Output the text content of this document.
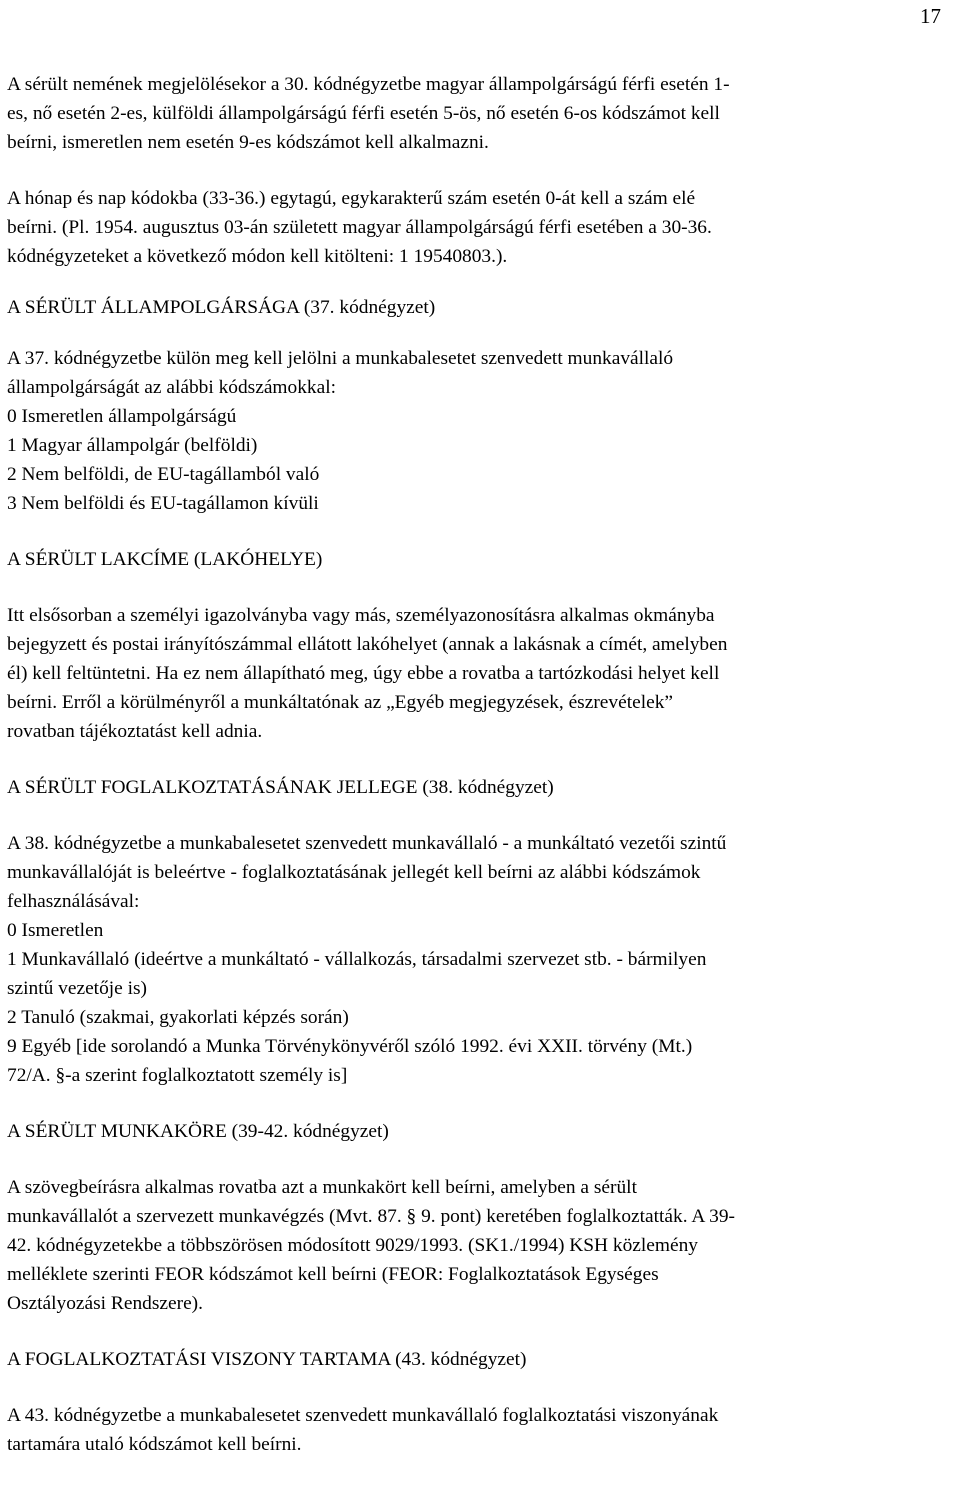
17

A sérült nemének megjelölésekor a 30. kódnégyzetbe magyar állampolgárságú férfi esetén 1-
es, nő esetén 2-es, külföldi állampolgárságú férfi esetén 5-ös, nő esetén 6-os kódszámot kell
beírni, ismeretlen nem esetén 9-es kódszámot kell alkalmazni.

A hónap és nap kódokba (33-36.) egytagú, egykarakterű szám esetén 0-át kell a szám elé
beírni. (Pl. 1954. augusztus 03-án született magyar állampolgárságú férfi esetében a 30-36.
kódnégyzeteket a következő módon kell kitölteni: 1 19540803.).

A SÉRÜLT ÁLLAMPOLGÁRSÁGA (37. kódnégyzet)

A 37. kódnégyzetbe külön meg kell jelölni a munkabalesetet szenvedett munkavállaló
állampolgárságát az alábbi kódszámokkal:
0 Ismeretlen állampolgárságú
1 Magyar állampolgár (belföldi)
2 Nem belföldi, de EU-tagállamból való
3 Nem belföldi és EU-tagállamon kívüli

A SÉRÜLT LAKCÍME (LAKÓHELYE)

Itt elsősorban a személyi igazolványba vagy más, személyazonosításra alkalmas okmányba
bejegyzett és postai irányítószámmal ellátott lakóhelyet (annak a lakásnak a címét, amelyben
él) kell feltüntetni. Ha ez nem állapítható meg, úgy ebbe a rovatba a tartózkodási helyet kell
beírni. Erről a körülményről a munkáltatónak az „Egyéb megjegyzések, észrevételek”
rovatban tájékoztatást kell adnia.

A SÉRÜLT FOGLALKOZTATÁSÁNAK JELLEGE (38. kódnégyzet)

A 38. kódnégyzetbe a munkabalesetet szenvedett munkavállaló - a munkáltató vezetői szintű
munkavállalóját is beleértve - foglalkoztatásának jellegét kell beírni az alábbi kódszámok
felhasználásával:
0 Ismeretlen
1 Munkavállaló (ideértve a munkáltató - vállalkozás, társadalmi szervezet stb. - bármilyen
szintű vezetője is)
2 Tanuló (szakmai, gyakorlati képzés során)
9 Egyéb [ide sorolandó a Munka Törvénykönyvéről szóló 1992. évi XXII. törvény (Mt.)
72/A. §-a szerint foglalkoztatott személy is]

A SÉRÜLT MUNKAKÖRE (39-42. kódnégyzet)

A szövegbeírásra alkalmas rovatba azt a munkakört kell beírni, amelyben a sérült
munkavállalót a szervezett munkavégzés (Mvt. 87. § 9. pont) keretében foglalkoztatták. A 39-
42. kódnégyzetekbe a többszörösen módosított 9029/1993. (SK1./1994) KSH közlemény
melléklete szerinti FEOR kódszámot kell beírni (FEOR: Foglalkoztatások Egységes
Osztályozási Rendszere).

A FOGLALKOZTATÁSI VISZONY TARTAMA (43. kódnégyzet)

A 43. kódnégyzetbe a munkabalesetet szenvedett munkavállaló foglalkoztatási viszonyának
tartamára utaló kódszámot kell beírni.
